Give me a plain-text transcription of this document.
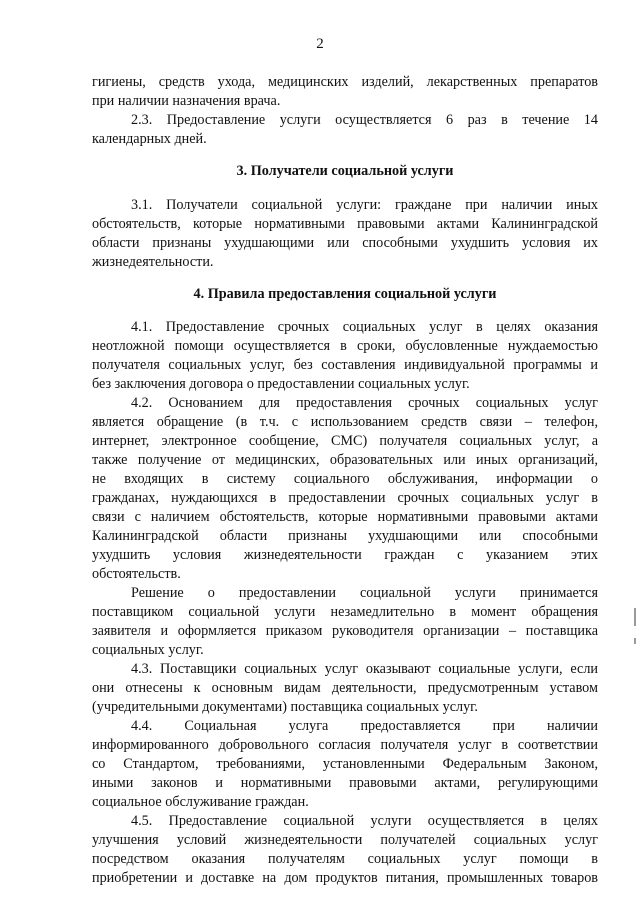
2
гигиены, средств ухода, медицинских изделий, лекарственных препаратов
при наличии назначения врача.
2.3. Предоставление услуги осуществляется 6 раз в течение 14
календарных дней.
3. Получатели социальной услуги
3.1. Получатели социальной услуги: граждане при наличии иных
обстоятельств, которые нормативными правовыми актами Калининградской
области признаны ухудшающими или способными ухудшить условия их
жизнедеятельности.
4. Правила предоставления социальной услуги
4.1. Предоставление срочных социальных услуг в целях оказания
неотложной помощи осуществляется в сроки, обусловленные нуждаемостью
получателя социальных услуг, без составления индивидуальной программы и
без заключения договора о предоставлении социальных услуг.
4.2. Основанием для предоставления срочных социальных услуг
является обращение (в т.ч. с использованием средств связи – телефон,
интернет, электронное сообщение, СМС) получателя социальных услуг, а
также получение от медицинских, образовательных или иных организаций,
не входящих в систему социального обслуживания, информации о
гражданах, нуждающихся в предоставлении срочных социальных услуг в
связи с наличием обстоятельств, которые нормативными правовыми актами
Калининградской области признаны ухудшающими или способными
ухудшить условия жизнедеятельности граждан с указанием этих
обстоятельств.
Решение о предоставлении социальной услуги принимается
поставщиком социальной услуги незамедлительно в момент обращения
заявителя и оформляется приказом руководителя организации – поставщика
социальных услуг.
4.3. Поставщики социальных услуг оказывают социальные услуги, если
они отнесены к основным видам деятельности, предусмотренным уставом
(учредительными документами) поставщика социальных услуг.
4.4. Социальная услуга предоставляется при наличии
информированного добровольного согласия получателя услуг в соответствии
со Стандартом, требованиями, установленными Федеральным Законом,
иными законов и нормативными правовыми актами, регулирующими
социальное обслуживание граждан.
4.5. Предоставление социальной услуги осуществляется в целях
улучшения условий жизнедеятельности получателей социальных услуг
посредством оказания получателям социальных услуг помощи в
приобретении и доставке на дом продуктов питания, промышленных товаров
